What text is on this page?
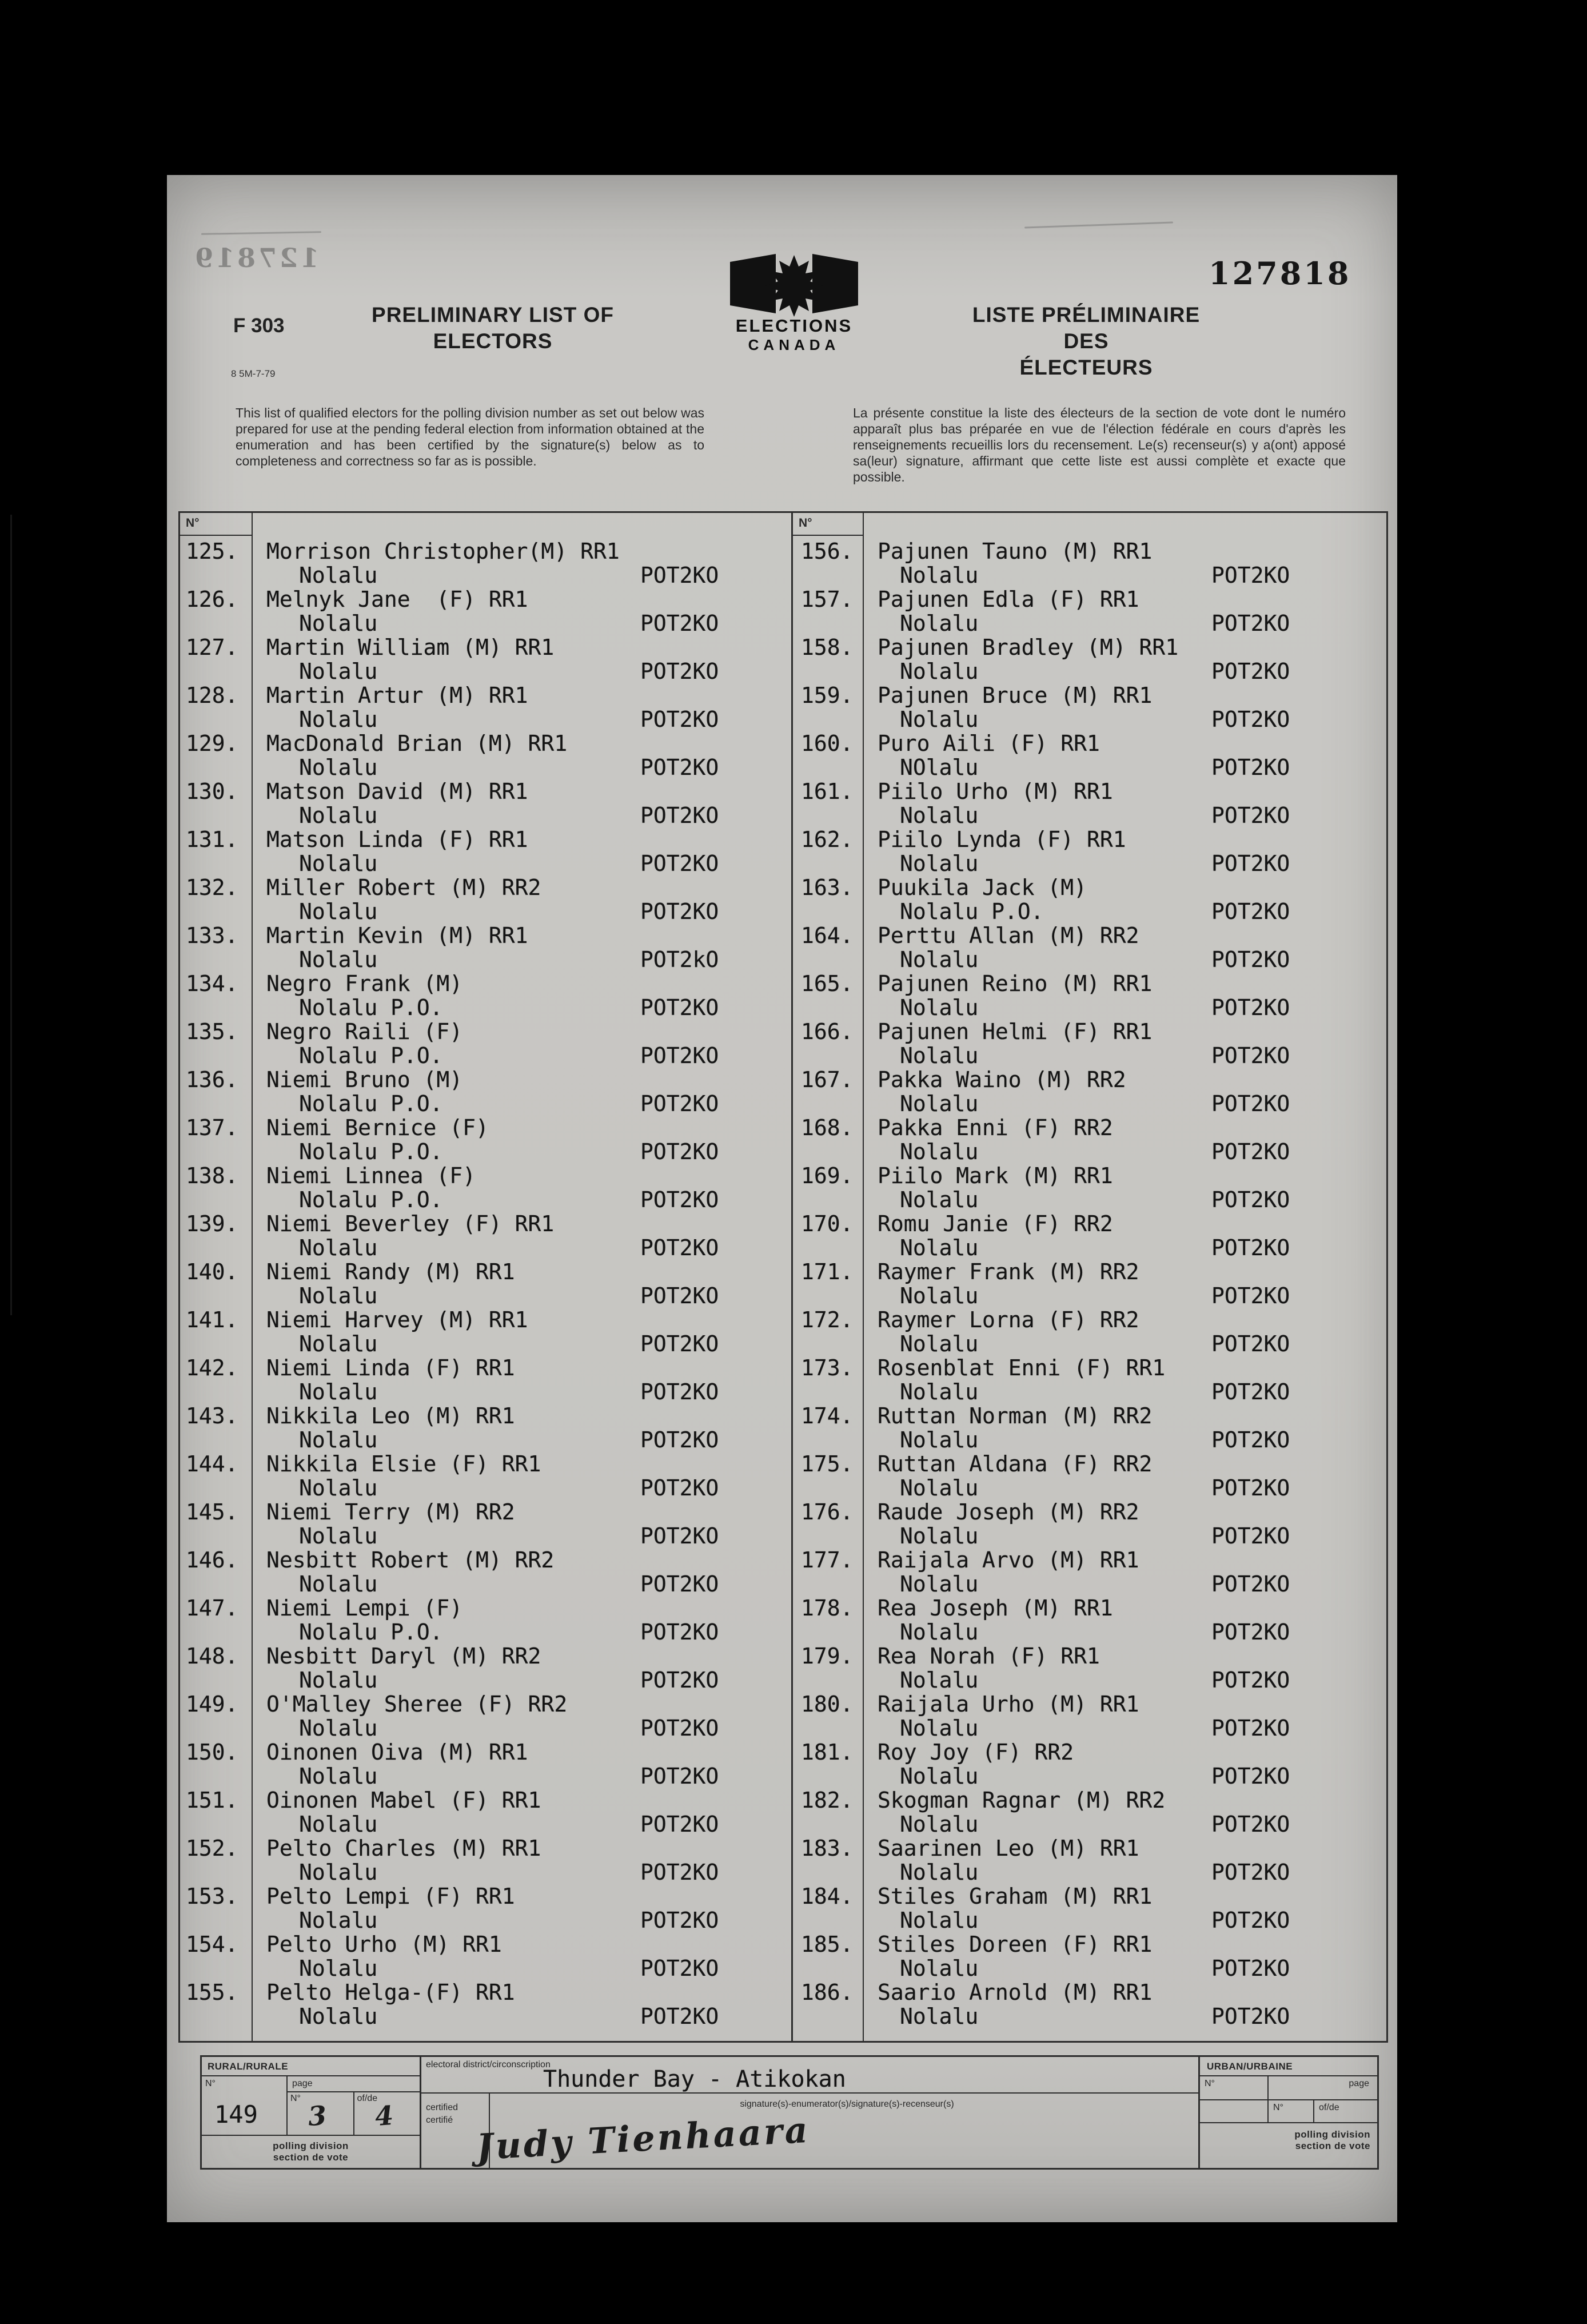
127819	127818
F 303
8 5M-7-79
PRELIMINARY LIST OF
ELECTORS
ELECTIONS
CANADA
LISTE PRÉLIMINAIRE DES
ÉLECTEURS
This list of qualified electors for the polling division number as set out below was prepared for use at the pending federal election from information obtained at the enumeration and has been certified by the signature(s) below as to completeness and correctness so far as is possible.
La présente constitue la liste des électeurs de la section de vote dont le numéro apparaît plus bas préparée en vue de l'élection fédérale en cours d'après les renseignements recueillis lors du recensement. Le(s) recenseur(s) y a(ont) apposé sa(leur) signature, affirmant que cette liste est aussi complète et exacte que possible.
N°
125. Morrison Christopher(M) RR1
Nolalu	POT2KO
126. Melnyk Jane  (F) RR1
Nolalu	POT2KO
127. Martin William (M) RR1
Nolalu	POT2KO
128. Martin Artur (M) RR1
Nolalu	POT2KO
129. MacDonald Brian (M) RR1
Nolalu	POT2KO
130. Matson David (M) RR1
Nolalu	POT2KO
131. Matson Linda (F) RR1
Nolalu	POT2KO
132. Miller Robert (M) RR2
Nolalu	POT2KO
133. Martin Kevin (M) RR1
Nolalu	POT2kO
134. Negro Frank (M)
Nolalu P.O.	POT2KO
135. Negro Raili (F)
Nolalu P.O.	POT2KO
136. Niemi Bruno (M)
Nolalu P.O.	POT2KO
137. Niemi Bernice (F)
Nolalu P.O.	POT2KO
138. Niemi Linnea (F)
Nolalu P.O.	POT2KO
139. Niemi Beverley (F) RR1
Nolalu	POT2KO
140. Niemi Randy (M) RR1
Nolalu	POT2KO
141. Niemi Harvey (M) RR1
Nolalu	POT2KO
142. Niemi Linda (F) RR1
Nolalu	POT2KO
143. Nikkila Leo (M) RR1
Nolalu	POT2KO
144. Nikkila Elsie (F) RR1
Nolalu	POT2KO
145. Niemi Terry (M) RR2
Nolalu	POT2KO
146. Nesbitt Robert (M) RR2
Nolalu	POT2KO
147. Niemi Lempi (F)
Nolalu P.O.	POT2KO
148. Nesbitt Daryl (M) RR2
Nolalu	POT2KO
149. O'Malley Sheree (F) RR2
Nolalu	POT2KO
150. Oinonen Oiva (M) RR1
Nolalu	POT2KO
151. Oinonen Mabel (F) RR1
Nolalu	POT2KO
152. Pelto Charles (M) RR1
Nolalu	POT2KO
153. Pelto Lempi (F) RR1
Nolalu	POT2KO
154. Pelto Urho (M) RR1
Nolalu	POT2KO
155. Pelto Helga-(F) RR1
Nolalu	POT2KO
N°
156. Pajunen Tauno (M) RR1
Nolalu	POT2KO
157. Pajunen Edla (F) RR1
Nolalu	POT2KO
158. Pajunen Bradley (M) RR1
Nolalu	POT2KO
159. Pajunen Bruce (M) RR1
Nolalu	POT2KO
160. Puro Aili (F) RR1
NOlalu	POT2KO
161. Piilo Urho (M) RR1
Nolalu	POT2KO
162. Piilo Lynda (F) RR1
Nolalu	POT2KO
163. Puukila Jack (M)
Nolalu P.O.	POT2KO
164. Perttu Allan (M) RR2
Nolalu	POT2KO
165. Pajunen Reino (M) RR1
Nolalu	POT2KO
166. Pajunen Helmi (F) RR1
Nolalu	POT2KO
167. Pakka Waino (M) RR2
Nolalu	POT2KO
168. Pakka Enni (F) RR2
Nolalu	POT2KO
169. Piilo Mark (M) RR1
Nolalu	POT2KO
170. Romu Janie (F) RR2
Nolalu	POT2KO
171. Raymer Frank (M) RR2
Nolalu	POT2KO
172. Raymer Lorna (F) RR2
Nolalu	POT2KO
173. Rosenblat Enni (F) RR1
Nolalu	POT2KO
174. Ruttan Norman (M) RR2
Nolalu	POT2KO
175. Ruttan Aldana (F) RR2
Nolalu	POT2KO
176. Raude Joseph (M) RR2
Nolalu	POT2KO
177. Raijala Arvo (M) RR1
Nolalu	POT2KO
178. Rea Joseph (M) RR1
Nolalu	POT2KO
179. Rea Norah (F) RR1
Nolalu	POT2KO
180. Raijala Urho (M) RR1
Nolalu	POT2KO
181. Roy Joy (F) RR2
Nolalu	POT2KO
182. Skogman Ragnar (M) RR2
Nolalu	POT2KO
183. Saarinen Leo (M) RR1
Nolalu	POT2KO
184. Stiles Graham (M) RR1
Nolalu	POT2KO
185. Stiles Doreen (F) RR1
Nolalu	POT2KO
186. Saario Arnold (M) RR1
Nolalu	POT2KO
RURAL/RURALE
N°
149
page
N°
3
of/de
4
polling division
section de vote
electoral district/circonscription
Thunder Bay - Atikokan
certified
certifié
signature(s)-enumerator(s)/signature(s)-recenseur(s)
Judy Tienhaara
URBAN/URBAINE
N°	page
N°	of/de
polling division
section de vote
